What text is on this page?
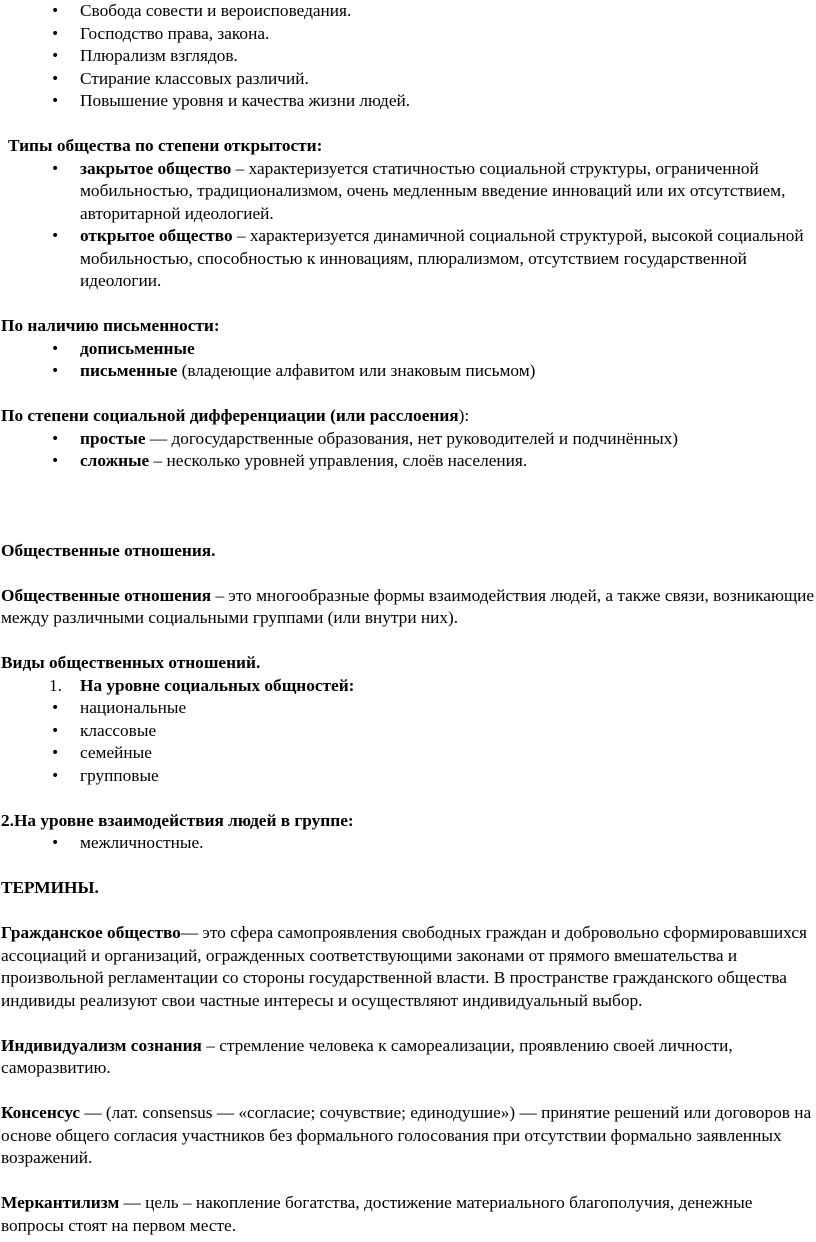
• Свобода совести и вероисповедания.
• Господство права, закона.
• Плюрализм взглядов.
• Стирание классовых различий.
• Повышение уровня и качества жизни людей.

Типы общества по степени открытости:

• закрытое общество – характеризуется статичностью социальной структуры, ограниченной мобильностью, традиционализмом, очень медленным введение инноваций или их отсутствием, авторитарной идеологией.
• открытое общество – характеризуется динамичной социальной структурой, высокой социальной мобильностью, способностью к инновациям, плюрализмом, отсутствием государственной идеологии.

По наличию письменности:

• дописьменные
• письменные (владеющие алфавитом или знаковым письмом)

По степени социальной дифференциации (или расслоения):

• простые — догосударственные образования, нет руководителей и подчинённых)
• сложные – несколько уровней управления, слоёв населения.

Общественные отношения.

Общественные отношения – это многообразные формы взаимодействия людей, а также связи, возникающие между различными социальными группами (или внутри них).

Виды общественных отношений.

1. На уровне социальных общностей:
• национальные
• классовые
• семейные
• групповые

2.На уровне взаимодействия людей в группе:

• межличностные.

ТЕРМИНЫ.

Гражданское общество— это сфера самопроявления свободных граждан и добровольно сформировавшихся ассоциаций и организаций, огражденных соответствующими законами от прямого вмешательства и произвольной регламентации со стороны государственной власти. В пространстве гражданского общества индивиды реализуют свои частные интересы и осуществляют индивидуальный выбор.

Индивидуализм сознания – стремление человека к самореализации, проявлению своей личности, саморазвитию.

Консенсус — (лат. consensus — «согласие; сочувствие; единодушие») — принятие решений или договоров на основе общего согласия участников без формального голосования при отсутствии формально заявленных возражений.

Меркантилизм — цель – накопление богатства, достижение материального благополучия, денежные вопросы стоят на первом месте.
